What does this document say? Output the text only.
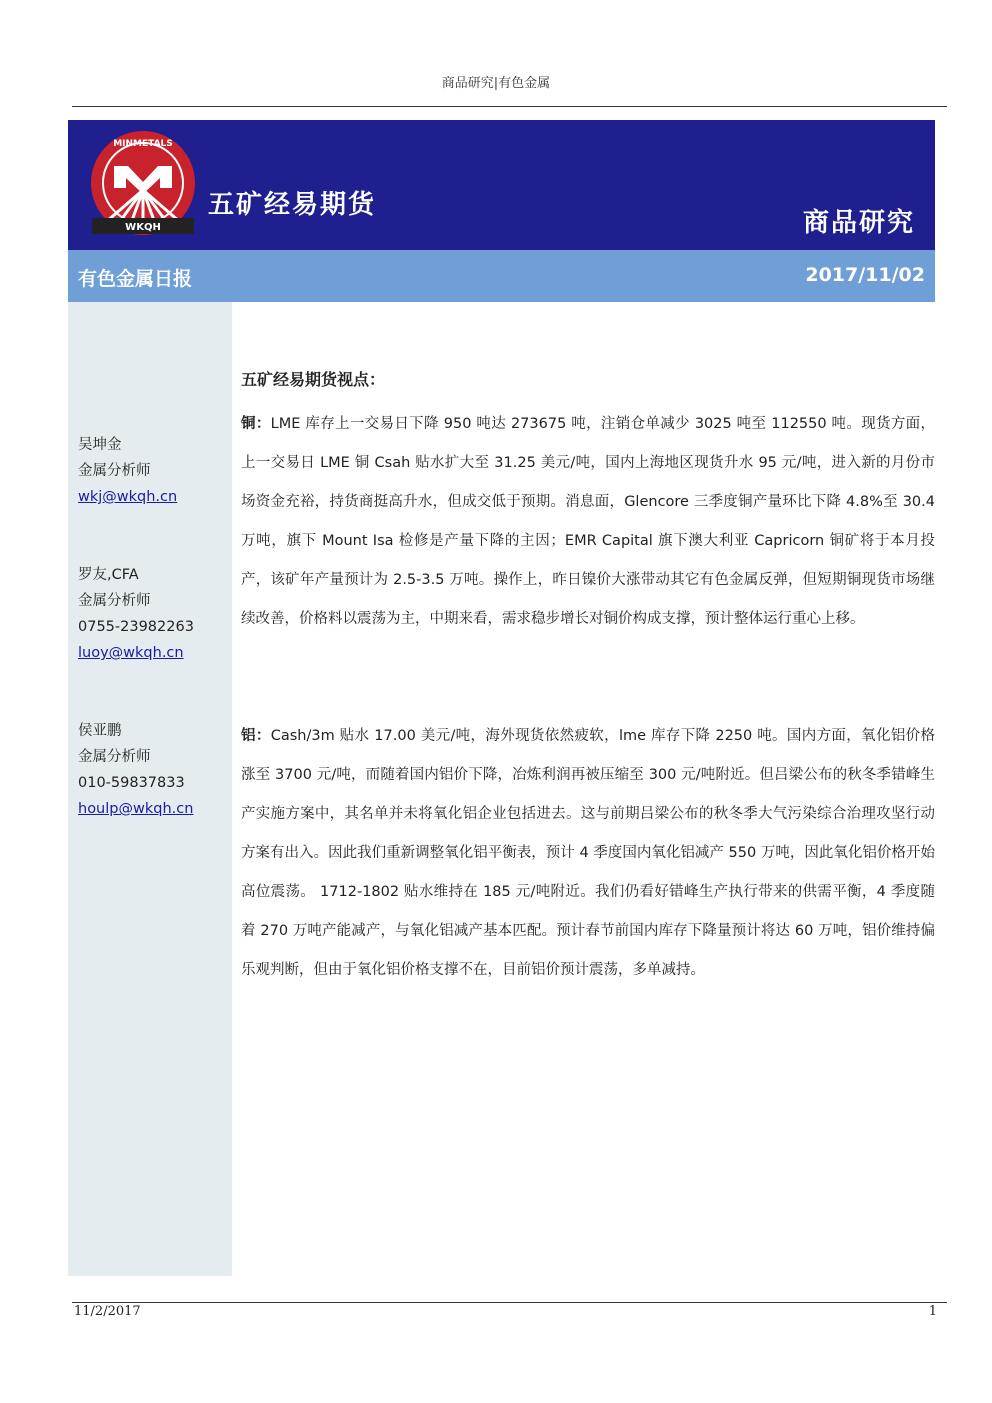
商品研究|有色金属
WKQH
MINMETALS
五矿经易期货
商品研究
有色金属日报	2017/11/02
吴坤金
金属分析师
wkj@wkqh.cn
罗友,CFA
金属分析师
0755-23982263
luoy@wkqh.cn
侯亚鹏
金属分析师
010-59837833
houlp@wkqh.cn
五矿经易期货视点：

铜：LME 库存上一交易日下降 950 吨达 273675 吨，注销仓单减少 3025 吨至 112550 吨。现货方面，上一交易日 LME 铜 Csah 贴水扩大至 31.25 美元/吨，国内上海地区现货升水 95 元/吨，进入新的月份市场资金充裕，持货商挺高升水，但成交低于预期。消息面，Glencore 三季度铜产量环比下降 4.8%至 30.4 万吨，旗下 Mount Isa 检修是产量下降的主因；EMR Capital 旗下澳大利亚 Capricorn 铜矿将于本月投产，该矿年产量预计为 2.5-3.5 万吨。操作上，昨日镍价大涨带动其它有色金属反弹，但短期铜现货市场继续改善，价格料以震荡为主，中期来看，需求稳步增长对铜价构成支撑，预计整体运行重心上移。

铝：Cash/3m 贴水 17.00 美元/吨，海外现货依然疲软，lme 库存下降 2250 吨。国内方面，氧化铝价格涨至 3700 元/吨，而随着国内铝价下降，冶炼利润再被压缩至 300 元/吨附近。但吕梁公布的秋冬季错峰生产实施方案中，其名单并未将氧化铝企业包括进去。这与前期吕梁公布的秋冬季大气污染综合治理攻坚行动方案有出入。因此我们重新调整氧化铝平衡表，预计 4 季度国内氧化铝减产 550 万吨，因此氧化铝价格开始高位震荡。 1712-1802 贴水维持在 185 元/吨附近。我们仍看好错峰生产执行带来的供需平衡，4 季度随着 270 万吨产能减产，与氧化铝减产基本匹配。预计春节前国内库存下降量预计将达 60 万吨，铝价维持偏乐观判断，但由于氧化铝价格支撑不在，目前铝价预计震荡，多单减持。

11/2/2017	1
